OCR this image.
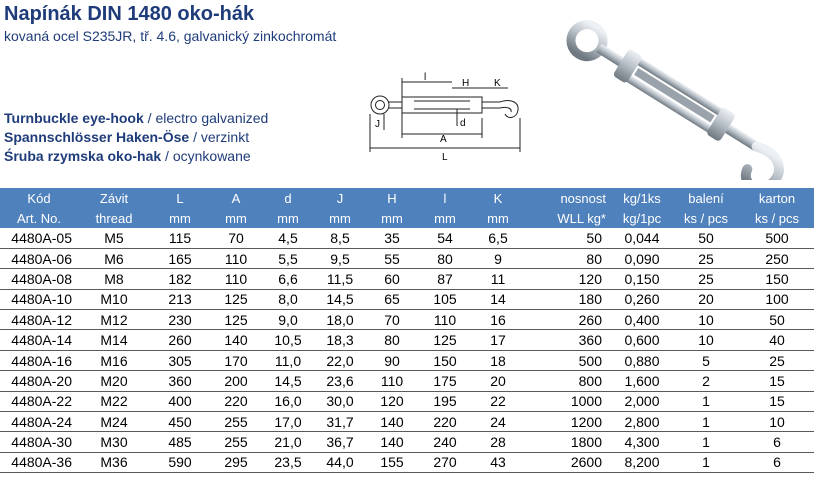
Napínák DIN 1480 oko-hák
kovaná ocel S235JR, tř. 4.6, galvanický zinkochromát
Turnbuckle eye-hook / electro galvanized
Spannschlösser Haken-Öse / verzinkt
Śruba rzymska oko-hak / ocynkowane
l
H K
J
A
d
L
Kód	Závit	L	A	d	J	H	l	K	nosnost	kg/1ks	balení	karton
Art. No.	thread	mm	mm	mm	mm	mm	mm	mm	WLL kg*	kg/1pc	ks / pcs	ks / pcs
4480A-05	M5	115	70	4,5	8,5	35	54	6,5	50	0,044	50	500
4480A-06	M6	165	110	5,5	9,5	55	80	9	80	0,090	25	250
4480A-08	M8	182	110	6,6	11,5	60	87	11	120	0,150	25	150
4480A-10	M10	213	125	8,0	14,5	65	105	14	180	0,260	20	100
4480A-12	M12	230	125	9,0	18,0	70	110	16	260	0,400	10	50
4480A-14	M14	260	140	10,5	18,3	80	125	17	360	0,600	10	40
4480A-16	M16	305	170	11,0	22,0	90	150	18	500	0,880	5	25
4480A-20	M20	360	200	14,5	23,6	110	175	20	800	1,600	2	15
4480A-22	M22	400	220	16,0	30,0	120	195	22	1000	2,000	1	15
4480A-24	M24	450	255	17,0	31,7	140	220	24	1200	2,800	1	10
4480A-30	M30	485	255	21,0	36,7	140	240	28	1800	4,300	1	6
4480A-36	M36	590	295	23,5	44,0	155	270	43	2600	8,200	1	6
